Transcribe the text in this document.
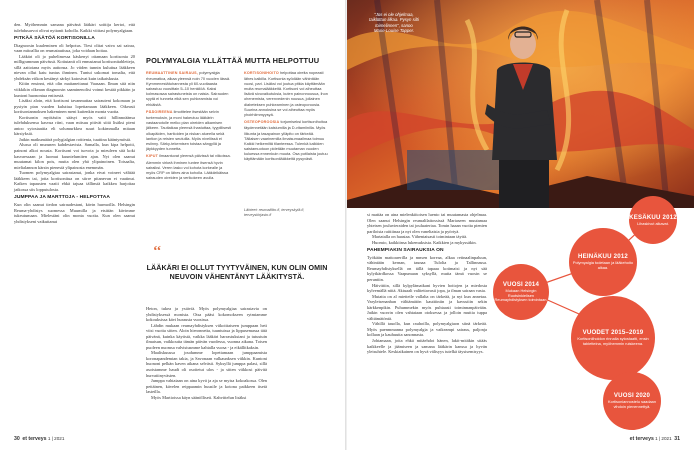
den. Myöhemmin samana päivänä lääkäri soittija kertoi, että tulehdusarvot olivat nyttanit koholla. Kaikki viittasi polymyalgiaan.

PITKÄÄ SÄÄTÖÄ KORTISONILLA

Diagnoosin kuuleminen oli helpotus. Tiesi olitat vaiva sai sairaa, vaan mitoallia on reumatautiusa, joka voidaan hoitaa.

Lääkäri oli jo puhelimessa käskenyt ottamaan kortisonia 20 milligramman päivässä. Kotiutanit oli ennustanut kortisonitabletteja, sillä aattoiana myös aattonsa. Jo viiden tunnin kuluttua lääkkeen nievan ollut kaiu tuntus ihminen. Tuntui uskomat tomalta, että yhdeksän viikon kestänyt särkyi katosivat kuin taikaiskusta.

Kiitin ensinnt, että olin maitaneitanut Vaasaan. Ilman sitä niin viikkikin olkeaan diagnoosin saaminenolisi voinut kestää pikkäin ja kuntoni huonontua entisestä.

Lisäksi aloin, että kortisoni tavanmattaa sairauteni kokonaan ja pystyin pian vuoden kuluttua lopettamaan lääkkeen. Oikeasti kortisoniannoksen hakeminen meni kuitenkin monta vuotta.

Kortisonin myötäsiin sääsyi myös vaiti hillinnoäänsa tulehduksensa kasvua riini, vaan mitsuu pitivät siitä lisäksi pieni antoo sytostaattia eli solumurkkea suuri kokimmalla mitaan kärsiyksiä.

Jatkin matkumäärä polygialgian rotttenia, tuuttina kääntymöstä.

Alussa oli murunen kahdestavista. Samalla, kun kipa helpotti, painoni alkoi nousta. Kortisoni voi turvota ja mieuleen sitä koki kasvaessaan ja luomut kuuntelumiten ajan. Nyt olen saanut muutamat kilon pois, mutta olen yhä ylipainoinen. Toisaalta, mielialannon kärsin pienestä ylipainosta enemmän.

Tuomen polymyalgiaa sairastanut, jonka eivat voineet välttää lääkkeen tai, jotta kortisonitua on siirre pitanevan ei vaatinut. Kaiken tapausten vaatii ehkä tajuaa tällinstä kaikkea harjoitaa jatkossa siis lopputulosta.

JUMPPAA JA MARTTOJA - HELPOTTAA

Kun olin saanut tiedon sairaudestani, kävin hurmoilla. Helsingin Reuma-yhdistys suomessa Muumilla ja etsittän kävimme tukeutumaan. Mielestäni olin monta vuotta. Kun olen saanut yhdistykseni vaikuttanut

POLYMYALGIA YLLÄTTÄÄ MUTTA HELPOTTUU

REUMAATTINEN SAIRAUS, polymyalgia rheumatica, alkaa yleensä noin 70 vuoden iässä. Kymmenestätuhannesta yli 60-vuotiaasta sairastuu vuosittain 5–10 henkilöä. Kaksi kolmasosaa sairastuneista on naisia. Sairauden syytä ei tunneta eikä sen puhkeamista voi ehkäistä.

PÄÄOIREENA ilmoittelee itsestään selvin tuntemuksin, ja moni hakeutuu lääkärin vastaanotolle melko pian oireiden alkamisen jälkeen. Tautiaikaa yleensä ihastuttaa, tyypillisesti olkapäiden, hartioiden ja niskan alueella sekä lantion ja reisien seutuilla. Myös niveliissä ei esiinny. Särky-tekemisen toistaa sängyllä ja jäykkyyden tunnetta.

KIPUT ilmaantuvat yleensä päivissä tai viikoissa. Alemmin virkeä ihminen tuntee itsensä hyvin sairaiksi. Veren lasko voi kohota korkealle ja myös CRP on lähes aina koholla. Lääkärikäissa sairauden oireiden ja verikokeen avulla.

KORTISONIHOITO helpottaa oireita nopeasti lähes kaikilla. Kortisonia syödään vähintään vuosi, pari. Lisäksi voi joutua pitkia käyttämään muita reumalääkkeitä. Kortisoni voi aiheuttaa lisävä sivuvaikutuksia, kuten painonnousua, ihon ohenemista, verenvedenin nousua, jollainen diabeteksen puhkeaminen ja osteoporoosia. Suurina annoksina se voi aiheuttaa myös yhoirhiimmyysyä.

OSTEOPOROOSIA torjumiseksi kortisonihoitoa täydennetään kalsiumilla ja D-vitamiinilla. Myös liikunta ja tasapainon ylläpito on tärkeää. Tällaisen vaarinemilla ilmaisumaailmaa toimuu Kaikki helkemiltä tilanteessa. Tulenkä kalkkien saistamuotoon pidetään muutaman vuoden kuluessa ennenkuin muuta. Osa potilaista joutuu käyttämään kortisonilääkkeitä pysyvästi.

Lähteet: reumaliitto.fi, terveyskylä.fi,
terveyskirjasto.fi
‘‘
LÄÄKÄRI EI OLLUT TYYTYVÄINEN, KUN OLIN OMIN NEUVOIN VÄHENTÄNYT LÄÄKITYSTÄ.

Heton, tukea ja ystäviä. Myös polymyalgiaa sairastavia on yhdistyksessä monista. Otsa pääsi kokomokseen rytmiamme kokouksissa kävi hurausta vuosissa.

Lähdin mukaan reumayhdistyksen viikoittaiseen jumppaan heti viisi vuotta sitten. Aloin hieronnetta, tuuntuissa ja lippusemassa tätä päivänä, kuinka käytistä, vaikka lääkäri harrastuksiani ja tutustuin ilmaisun, vaikkoutta tämän päivän vuodessa, vuonna aikana. Toisen puoleen nuomsa valvistusmme kahtalla vuosa - ja eikällitkaksin.

Maaliskuussa joudumme lopettamaan jumppaamista koronapandemian takia, ja Savonaan valkaunksen viikkin. Kuntoni huononi pelkän kaven aikana selvästi. Syksyllä jumppa palasi, sillä asoistamme haudt oli osoitetut ulos - ja sitten viikkosi päivitä hurvatiinyvästen.

Jumppa vahtaiaan on aina kyvä ja aja se myisa kokoakossa. Olen pettäinen, kävelen reippaamin huusile ja kotona paikkeen itsetä lasteilla.

Myös Martioissa käyn säänölliseti. Kahvittelun lisäksi

30 et terveys 1 | 2021
"Jos ei ole ohjelmaa, taiklüttun lilkaa. Pysyn silti toimelinnen", sanoo Marie-Louise Tapper.

si mattäa on aina mielenkiitoisen luento tai muutamasta ohjelmaa. Olen saanut Helsingin reumalilaitossissä Martaseen muutamaa yhteisen jouluvieraiden tai jouluateriaa. Tomin haaan vuotta pienien pariloista raittiinaa ja nyt olen vaneltaisia ja pyörtyä.

Martatalla on haastaa. Vähentaisasti toimintaan täyttä.

Huomio, kaikkiinsa lukemuksista. Kaikkien ja mykyssäkin.

PAHEMPIAKIN SAIRAUKSIA ON

Työkään mattoarerilla ja mnsen koreaa, alkaa retinaalinpaluun, vähintään kernan, taunaa Tulolta ja Tallinnassa. Reumayhdistyksellä on tällä tapaaa kotimaisi ja nyt sää kylytkärdkossa Vaapumaan syksyllä, mutta tämä vuosin se peruntiin.

Häivittiin, sillä kylpylämatkani hyvien hoitojen ja miedosta kylvemällä niitä. Aktuaali valitettavasti jopa, ja ilman sairaan vasta.

Mutatta on al mietteile vallalta on tärkeää, ja nyt kun annetaa. Varyleisenanhan välttämätön kauttiiniin ja kavustiin sekin kärkkenpikin. Puhummekin myös puhtaasti toiminnanpäivään. Jatkin vuorrin olen vahtaiaan otoksessa ja jolloin muttia tuppa välttämätöntä.

Vähillä tauolla, kun rauhoilla, polymyalgiaon siinä tärkeää. Myös paenmmanna polymyalgia ja vaikeampi sairaus, paljonja kollaan ja kauhuutta sanonnasta.

Johtamaan, joita ehkä mitäehdot hänen, lakit-mitäkin sitääs kaikkeelle ja jäämiseen ja samana lääkärin kanssa ja hyvän yleisuhtele. Keskiaikainen on hyvä välisyys tutelkä täysisemisyys.

KESÄKUU 2012
Lihaskivut alkavat.
HEINÄKUU 2012
Polymyalgia todetaan ja lääkehoito alkaa.
VUOSI 2014
Mukaan Helsingin Ruotsinkielisen Reumayhdistyksen toimintaan.
VUODET 2015–2019
Kortisoniihoidon rinnalla sytostaatti, ensin tabletteina, myöhemmin ruiskeena.
VUOSI 2020
Kortisoniannostelu saadaan vihdoin pienennettyä.
et terveys 1 | 2021 31
